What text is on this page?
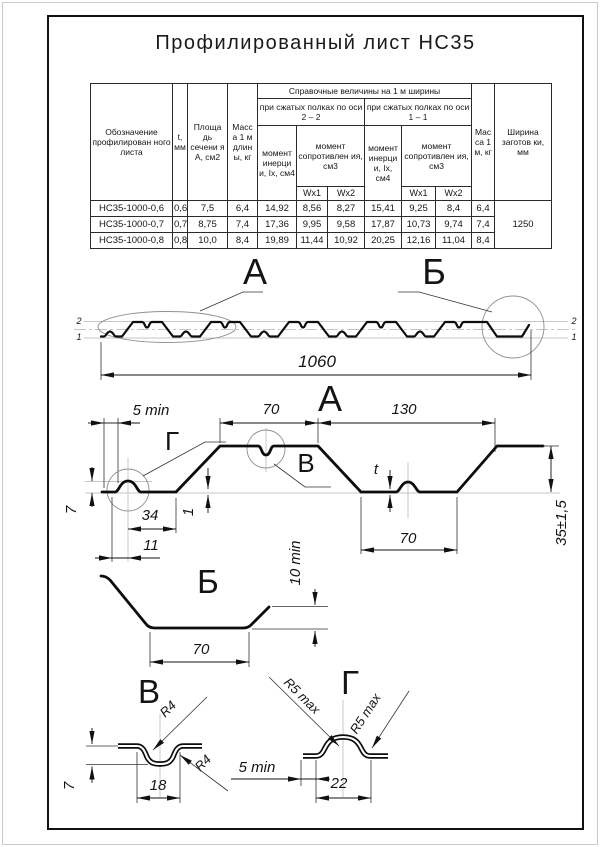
Профилированный лист НС35
Обозначение профилирован ного листа	t, мм	Площа дь сечени я А, см2	Масс а 1 м длин ы, кг	Справочные величины на 1 м ширины						Мас са 1 м, кг	Ширина заготов ки, мм
				при сжатых полках по оси 2 – 2			при сжатых полках по оси 1 – 1				
				момент инерци и, Ix, см4	момент сопротивлен ия, см3		момент инерци и, Ix, см4	момент сопротивлен ия, см3			
					Wx1	Wx2		Wx1	Wx2		
НС35-1000-0,6	0,6	7,5	6,4	14,92	8,56	8,27	15,41	9,25	8,4	6,4	1250
НС35-1000-0,7	0,7	8,75	7,4	17,36	9,95	9,58	17,87	10,73	9,74	7,4	
НС35-1000-0,8	0,8	10,0	8,4	19,89	11,44	10,92	20,25	12,16	11,04	8,4	
2
1
2
1
А	Б
1060
А
5 min	70	130
Г
В
7	34
11
1
t
70	35±1,5
Б	10 min
70
В
R4
R4
7	18
Г
R5 max R5 max
5 min
22
